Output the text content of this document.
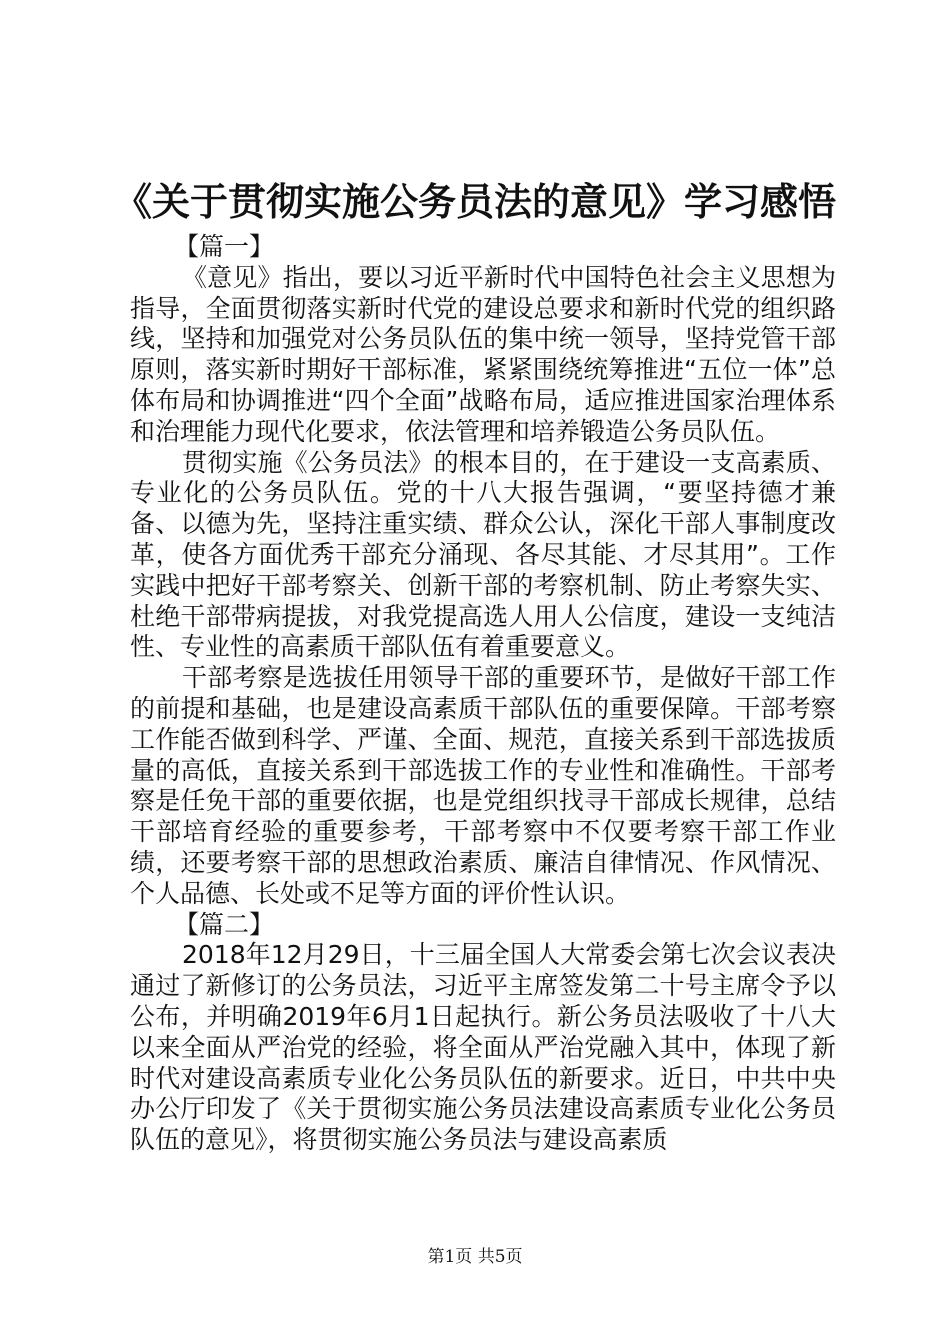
《关于贯彻实施公务员法的意见》学习感悟
【篇一】

《意见》指出，要以习近平新时代中国特色社会主义思想为指导，全面贯彻落实新时代党的建设总要求和新时代党的组织路线，坚持和加强党对公务员队伍的集中统一领导，坚持党管干部原则，落实新时期好干部标准，紧紧围绕统筹推进“五位一体”总体布局和协调推进“四个全面”战略布局，适应推进国家治理体系和治理能力现代化要求，依法管理和培养锻造公务员队伍。

贯彻实施《公务员法》的根本目的，在于建设一支高素质、专业化的公务员队伍。党的十八大报告强调，“要坚持德才兼备、以德为先，坚持注重实绩、群众公认，深化干部人事制度改革，使各方面优秀干部充分涌现、各尽其能、才尽其用”。工作实践中把好干部考察关、创新干部的考察机制、防止考察失实、杜绝干部带病提拔，对我党提高选人用人公信度，建设一支纯洁性、专业性的高素质干部队伍有着重要意义。

干部考察是选拔任用领导干部的重要环节，是做好干部工作的前提和基础，也是建设高素质干部队伍的重要保障。干部考察工作能否做到科学、严谨、全面、规范，直接关系到干部选拔质量的高低，直接关系到干部选拔工作的专业性和准确性。干部考察是任免干部的重要依据，也是党组织找寻干部成长规律，总结干部培育经验的重要参考，干部考察中不仅要考察干部工作业绩，还要考察干部的思想政治素质、廉洁自律情况、作风情况、个人品德、长处或不足等方面的评价性认识。

【篇二】

2018年12月29日，十三届全国人大常委会第七次会议表决通过了新修订的公务员法，习近平主席签发第二十号主席令予以公布，并明确2019年6月1日起执行。新公务员法吸收了十八大以来全面从严治党的经验，将全面从严治党融入其中，体现了新时代对建设高素质专业化公务员队伍的新要求。近日，中共中央办公厅印发了《关于贯彻实施公务员法建设高素质专业化公务员队伍的意见》，将贯彻实施公务员法与建设高素质

第1页 共5页
